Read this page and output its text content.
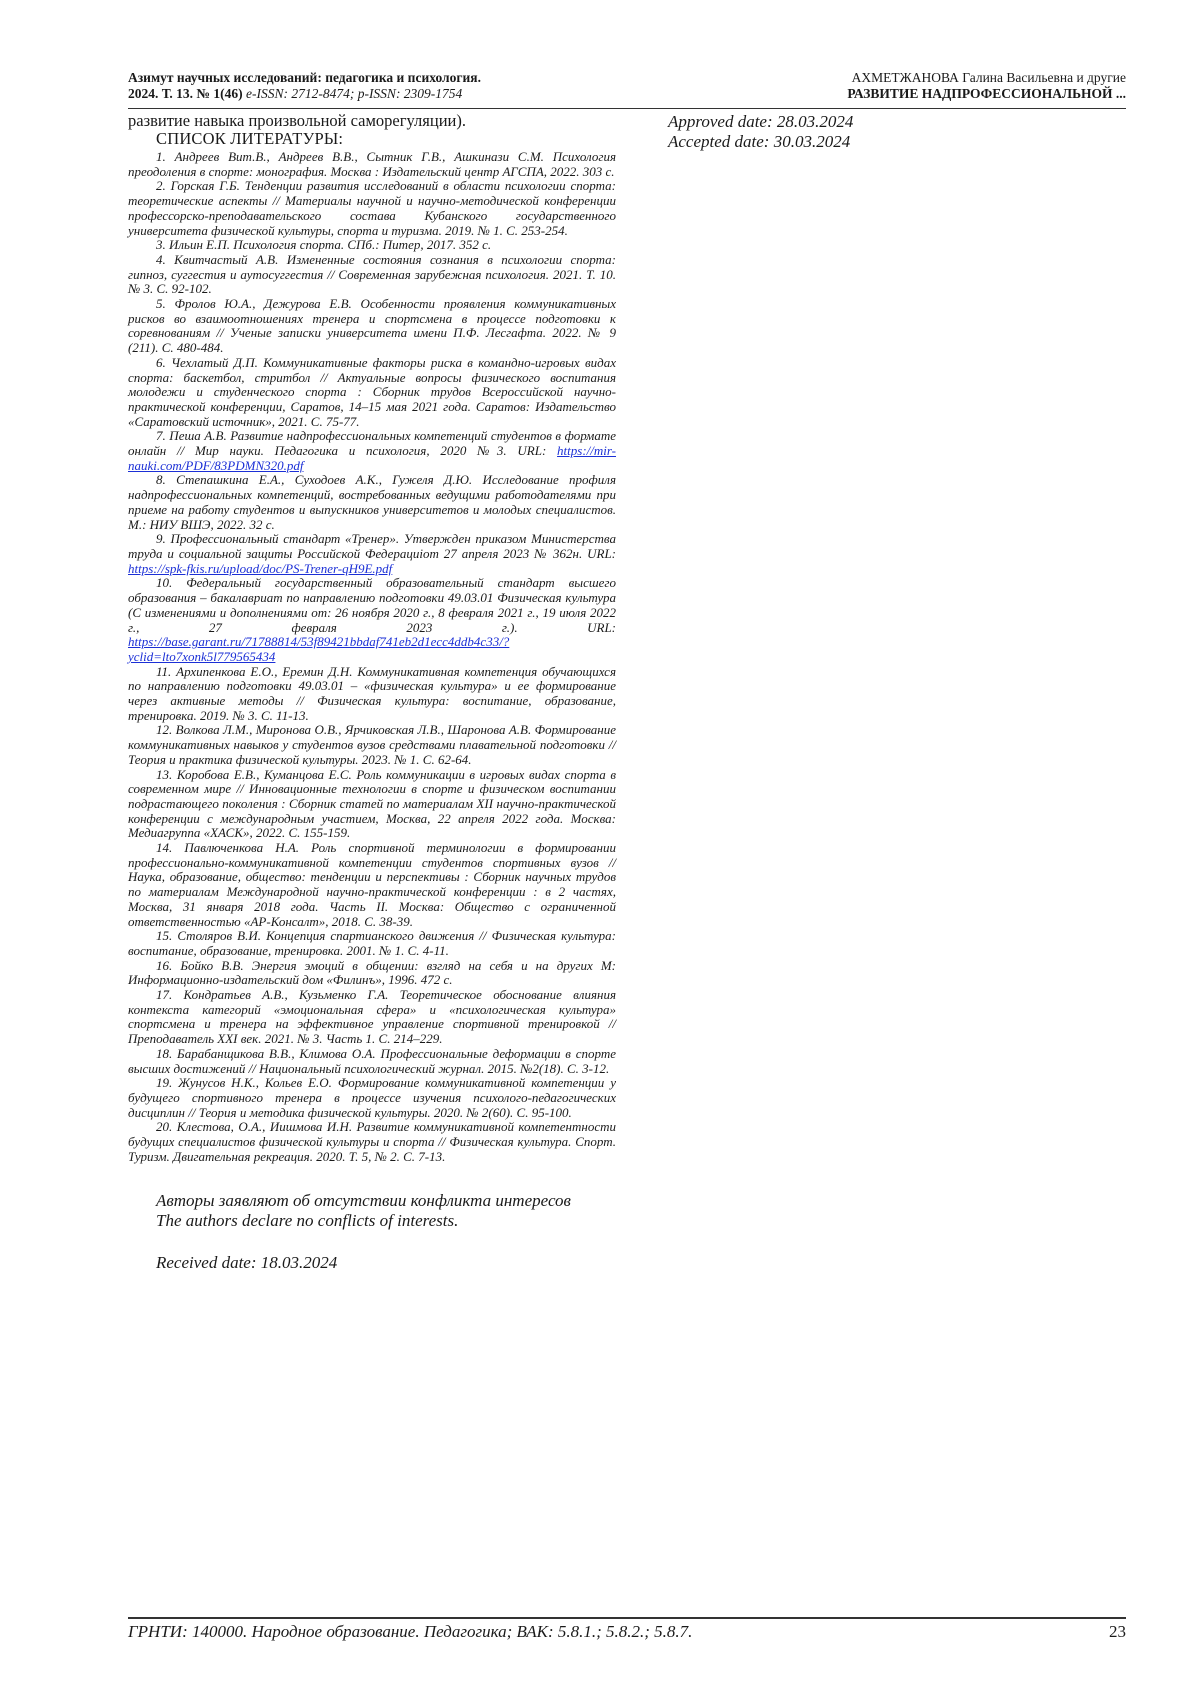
Азимут научных исследований: педагогика и психология.
2024. Т. 13. № 1(46) e-ISSN: 2712-8474; p-ISSN: 2309-1754
АХМЕТЖАНОВА Галина Васильевна и другие
РАЗВИТИЕ НАДПРОФЕССИОНАЛЬНОЙ ...

развитие навыка произвольной саморегуляции).

СПИСОК ЛИТЕРАТУРЫ:

1. Андреев Вит.В., Андреев В.В., Сытник Г.В., Ашкинази С.М. Психология преодоления в спорте: монография. Москва : Издательский центр АГСПА, 2022. 303 с.

2. Горская Г.Б. Тенденции развития исследований в области психологии спорта: теоретические аспекты // Материалы научной и научно-методической конференции профессорско-преподавательского состава Кубанского государственного университета физической культуры, спорта и туризма. 2019. № 1. С. 253-254.

3. Ильин Е.П. Психология спорта. СПб.: Питер, 2017. 352 с.

4. Квитчастый А.В. Измененные состояния сознания в психологии спорта: гипноз, суггестия и аутосуггестия // Современная зарубежная психология. 2021. Т. 10. № 3. С. 92-102.

5. Фролов Ю.А., Дежурова Е.В. Особенности проявления коммуникативных рисков во взаимоотношениях тренера и спортсмена в процессе подготовки к соревнованиям // Ученые записки университета имени П.Ф. Лесгафта. 2022. № 9 (211). С. 480-484.

6. Чехлатый Д.П. Коммуникативные факторы риска в командно-игровых видах спорта: баскетбол, стритбол // Актуальные вопросы физического воспитания молодежи и студенческого спорта : Сборник трудов Всероссийской научно-практической конференции, Саратов, 14–15 мая 2021 года. Саратов: Издательство «Саратовский источник», 2021. С. 75-77.

7. Пеша А.В. Развитие надпрофессиональных компетенций студентов в формате онлайн // Мир науки. Педагогика и психология, 2020 №3. URL: https://mir-nauki.com/PDF/83PDMN320.pdf

8. Степашкина Е.А., Суходоев А.К., Гужеля Д.Ю. Исследование профиля надпрофессиональных компетенций, востребованных ведущими работодателями при приеме на работу студентов и выпускников университетов и молодых специалистов. М.: НИУ ВШЭ, 2022. 32 с.

9. Профессиональный стандарт «Тренер». Утвержден приказом Министерства труда и социальной защиты Российской Федерациiот 27 апреля 2023 № 362н. URL: https://spk-fkis.ru/upload/doc/PS-Trener-qH9E.pdf

10. Федеральный государственный образовательный стандарт высшего образования – бакалавриат по направлению подготовки 49.03.01 Физическая культура (С изменениями и дополнениями от: 26 ноября 2020 г., 8 февраля 2021 г., 19 июля 2022 г., 27 февраля 2023 г.). URL: https://base.garant.ru/71788814/53f89421bbdaf741eb2d1ecc4ddb4c33/?yclid=lto7xonk5l779565434

11. Архипенкова Е.О., Еремин Д.Н. Коммуникативная компетенция обучающихся по направлению подготовки 49.03.01 – «физическая культура» и ее формирование через активные методы // Физическая культура: воспитание, образование, тренировка. 2019. № 3. С. 11-13.

12. Волкова Л.М., Миронова О.В., Ярчиковская Л.В., Шаронова А.В. Формирование коммуникативных навыков у студентов вузов средствами плавательной подготовки // Теория и практика физической культуры. 2023. № 1. С. 62-64.

13. Коробова Е.В., Куманцова Е.С. Роль коммуникации в игровых видах спорта в современном мире // Инновационные технологии в спорте и физическом воспитании подрастающего поколения : Сборник статей по материалам XII научно-практической конференции с международным участием, Москва, 22 апреля 2022 года. Москва: Медиагруппа «ХАСК», 2022. С. 155-159.

14. Павлюченкова Н.А. Роль спортивной терминологии в формировании профессионально-коммуникативной компетенции студентов спортивных вузов // Наука, образование, общество: тенденции и перспективы : Сборник научных трудов по материалам Международной научно-практической конференции : в 2 частях, Москва, 31 января 2018 года. Часть II. Москва: Общество с ограниченной ответственностью «АР-Консалт», 2018. С. 38-39.

15. Столяров В.И. Концепция спартианского движения // Физическая культура: воспитание, образование, тренировка. 2001. № 1. С. 4-11.

16. Бойко В.В. Энергия эмоций в общении: взгляд на себя и на других М: Информационно-издательский дом «Филинъ», 1996. 472 с.

17. Кондратьев А.В., Кузьменко Г.А. Теоретическое обоснование влияния контекста категорий «эмоциональная сфера» и «психологическая культура» спортсмена и тренера на эффективное управление спортивной тренировкой // Преподаватель XXI век. 2021. № 3. Часть 1. С. 214–229.

18. Барабанщикова В.В., Климова О.А. Профессиональные деформации в спорте высших достижений // Национальный психологический журнал. 2015. №2(18). С. 3-12.

19. Жунусов Н.К., Кольев Е.О. Формирование коммуникативной компетенции у будущего спортивного тренера в процессе изучения психолого-педагогических дисциплин // Теория и методика физической культуры. 2020. № 2(60). С. 95-100.

20. Клестова, О.А., Иишмова И.Н. Развитие коммуникативной компетентности будущих специалистов физической культуры и спорта // Физическая культура. Спорт. Туризм. Двигательная рекреация. 2020. Т. 5, № 2. С. 7-13.

Авторы заявляют об отсутствии конфликта интересов

The authors declare no conflicts of interests.

Received date: 18.03.2024

Approved date: 28.03.2024

Accepted date: 30.03.2024

ГРНТИ: 140000. Народное образование. Педагогика; ВАК: 5.8.1.; 5.8.2.; 5.8.7.	23
